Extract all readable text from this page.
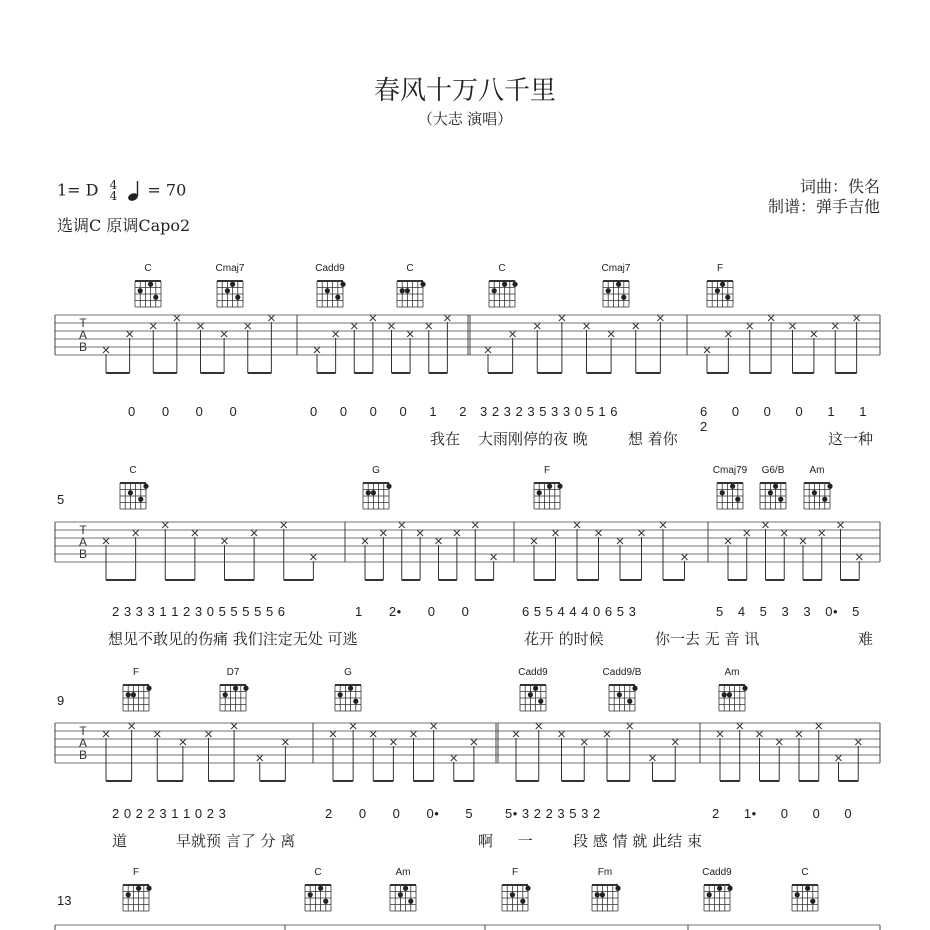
春风十万八千里
（大志 演唱）
1= D 4
4 = 70
选调C 原调Capo2
词曲：佚名
制谱：弹手吉他
C	Cmaj7	Cadd9	C	C	Cmaj7	F
T
A
B
0 0 0 0	0 0 0 0 1 2 3 2 3 2 3 5 3 3 0 5 1 6	6 0 0 0 1 1 2
我在 大雨刚停的夜 晚	想 着你	这一种
5
C	G	F	Cmaj79	G6/B	Am
T
A
B
2 3 3 3 1 1 2 3 0 5 5 5 5 5 6	1 2• 0 0	6 5 5 4 4 4 0 6 5 3	5 4 5 3 3 0• 5
想见不敢见的伤痛 我们注定无处 可逃	花开 的时候	你一去 无 音 讯	难
9
F	D7	G	Cadd9	Cadd9/B	Am
T
A
B
2 0 2 2 3 1 1 0 2 3	2 0 0 0• 5	5• 3 2 2 3 5 3 2	2 1• 0 0 0
道	早就预 言了 分 离	啊 一	段 感 情 就 此结 束
13
F	C	Am	F	Fm	Cadd9	C
